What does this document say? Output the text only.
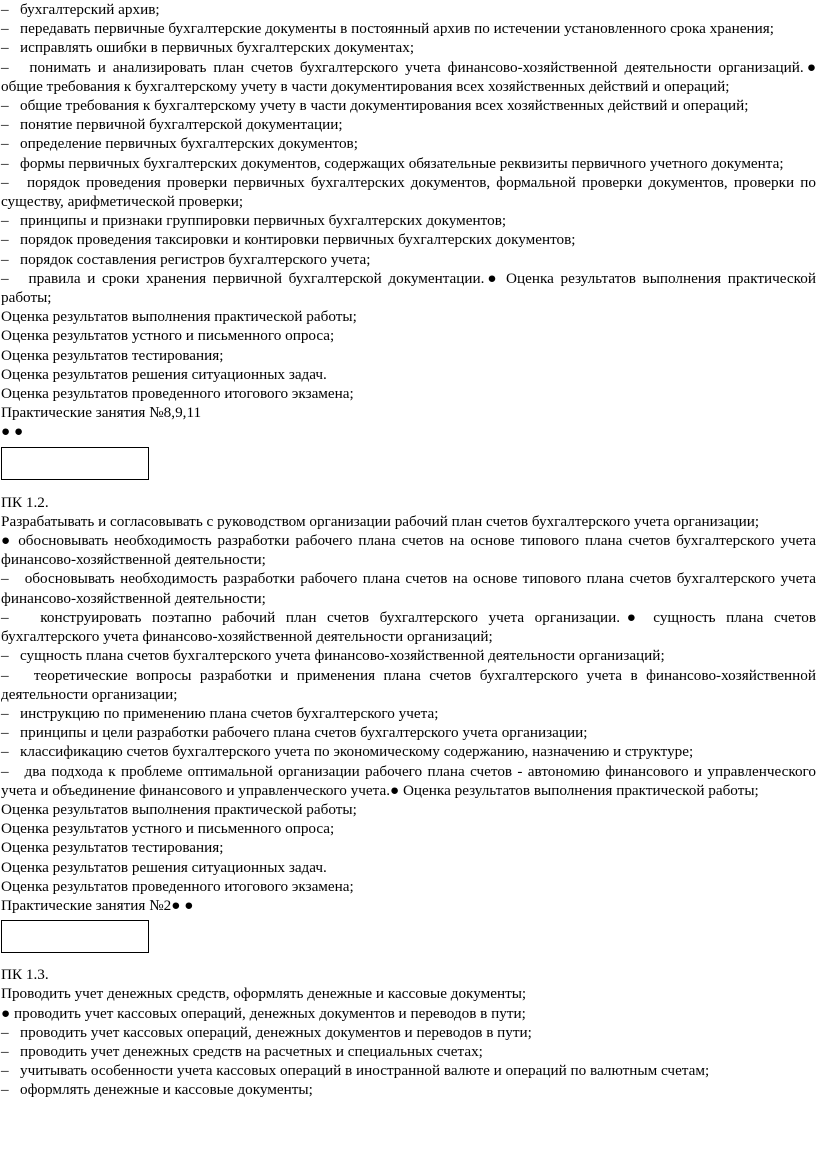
–   бухгалтерский архив;

–   передавать первичные бухгалтерские документы в постоянный архив по истечении установленного срока хранения;

–   исправлять ошибки в первичных бухгалтерских документах;

–   понимать и анализировать план счетов бухгалтерского учета финансово-хозяйственной деятельности организаций.● общие требования к бухгалтерскому учету в части документирования всех хозяйственных действий и операций;

–   общие требования к бухгалтерскому учету в части документирования всех хозяйственных действий и операций;

–   понятие первичной бухгалтерской документации;

–   определение первичных бухгалтерских документов;

–   формы первичных бухгалтерских документов, содержащих обязательные реквизиты первичного учетного документа;

–   порядок проведения проверки первичных бухгалтерских документов, формальной проверки документов, проверки по существу, арифметической проверки;

–   принципы и признаки группировки первичных бухгалтерских документов;

–   порядок проведения таксировки и контировки первичных бухгалтерских документов;

–   порядок составления регистров бухгалтерского учета;

–   правила и сроки хранения первичной бухгалтерской документации.● Оценка результатов выполнения практической работы;

Оценка результатов выполнения практической работы;

Оценка результатов устного и письменного опроса;

Оценка результатов тестирования;

Оценка результатов решения ситуационных задач.

Оценка результатов проведенного итогового экзамена;

Практические занятия №8,9,11

● ●

ПК 1.2.

Разрабатывать и согласовывать с руководством организации рабочий план счетов бухгалтерского учета организации;

● обосновывать необходимость разработки рабочего плана счетов на основе типового плана счетов бухгалтерского учета финансово-хозяйственной деятельности;

–   обосновывать необходимость разработки рабочего плана счетов на основе типового плана счетов бухгалтерского учета финансово-хозяйственной деятельности;

–   конструировать поэтапно рабочий план счетов бухгалтерского учета организации.● сущность плана счетов бухгалтерского учета финансово-хозяйственной деятельности организаций;

–   сущность плана счетов бухгалтерского учета финансово-хозяйственной деятельности организаций;

–   теоретические вопросы разработки и применения плана счетов бухгалтерского учета в финансово-хозяйственной деятельности организации;

–   инструкцию по применению плана счетов бухгалтерского учета;

–   принципы и цели разработки рабочего плана счетов бухгалтерского учета организации;

–   классификацию счетов бухгалтерского учета по экономическому содержанию, назначению и структуре;

–   два подхода к проблеме оптимальной организации рабочего плана счетов - автономию финансового и управленческого учета и объединение финансового и управленческого учета.● Оценка результатов выполнения практической работы;

Оценка результатов выполнения практической работы;

Оценка результатов устного и письменного опроса;

Оценка результатов тестирования;

Оценка результатов решения ситуационных задач.

Оценка результатов проведенного итогового экзамена;

Практические занятия №2● ●

ПК 1.3.

Проводить учет денежных средств, оформлять денежные и кассовые документы;

● проводить учет кассовых операций, денежных документов и переводов в пути;

–   проводить учет кассовых операций, денежных документов и переводов в пути;

–   проводить учет денежных средств на расчетных и специальных счетах;

–   учитывать особенности учета кассовых операций в иностранной валюте и операций по валютным счетам;

–   оформлять денежные и кассовые документы;
